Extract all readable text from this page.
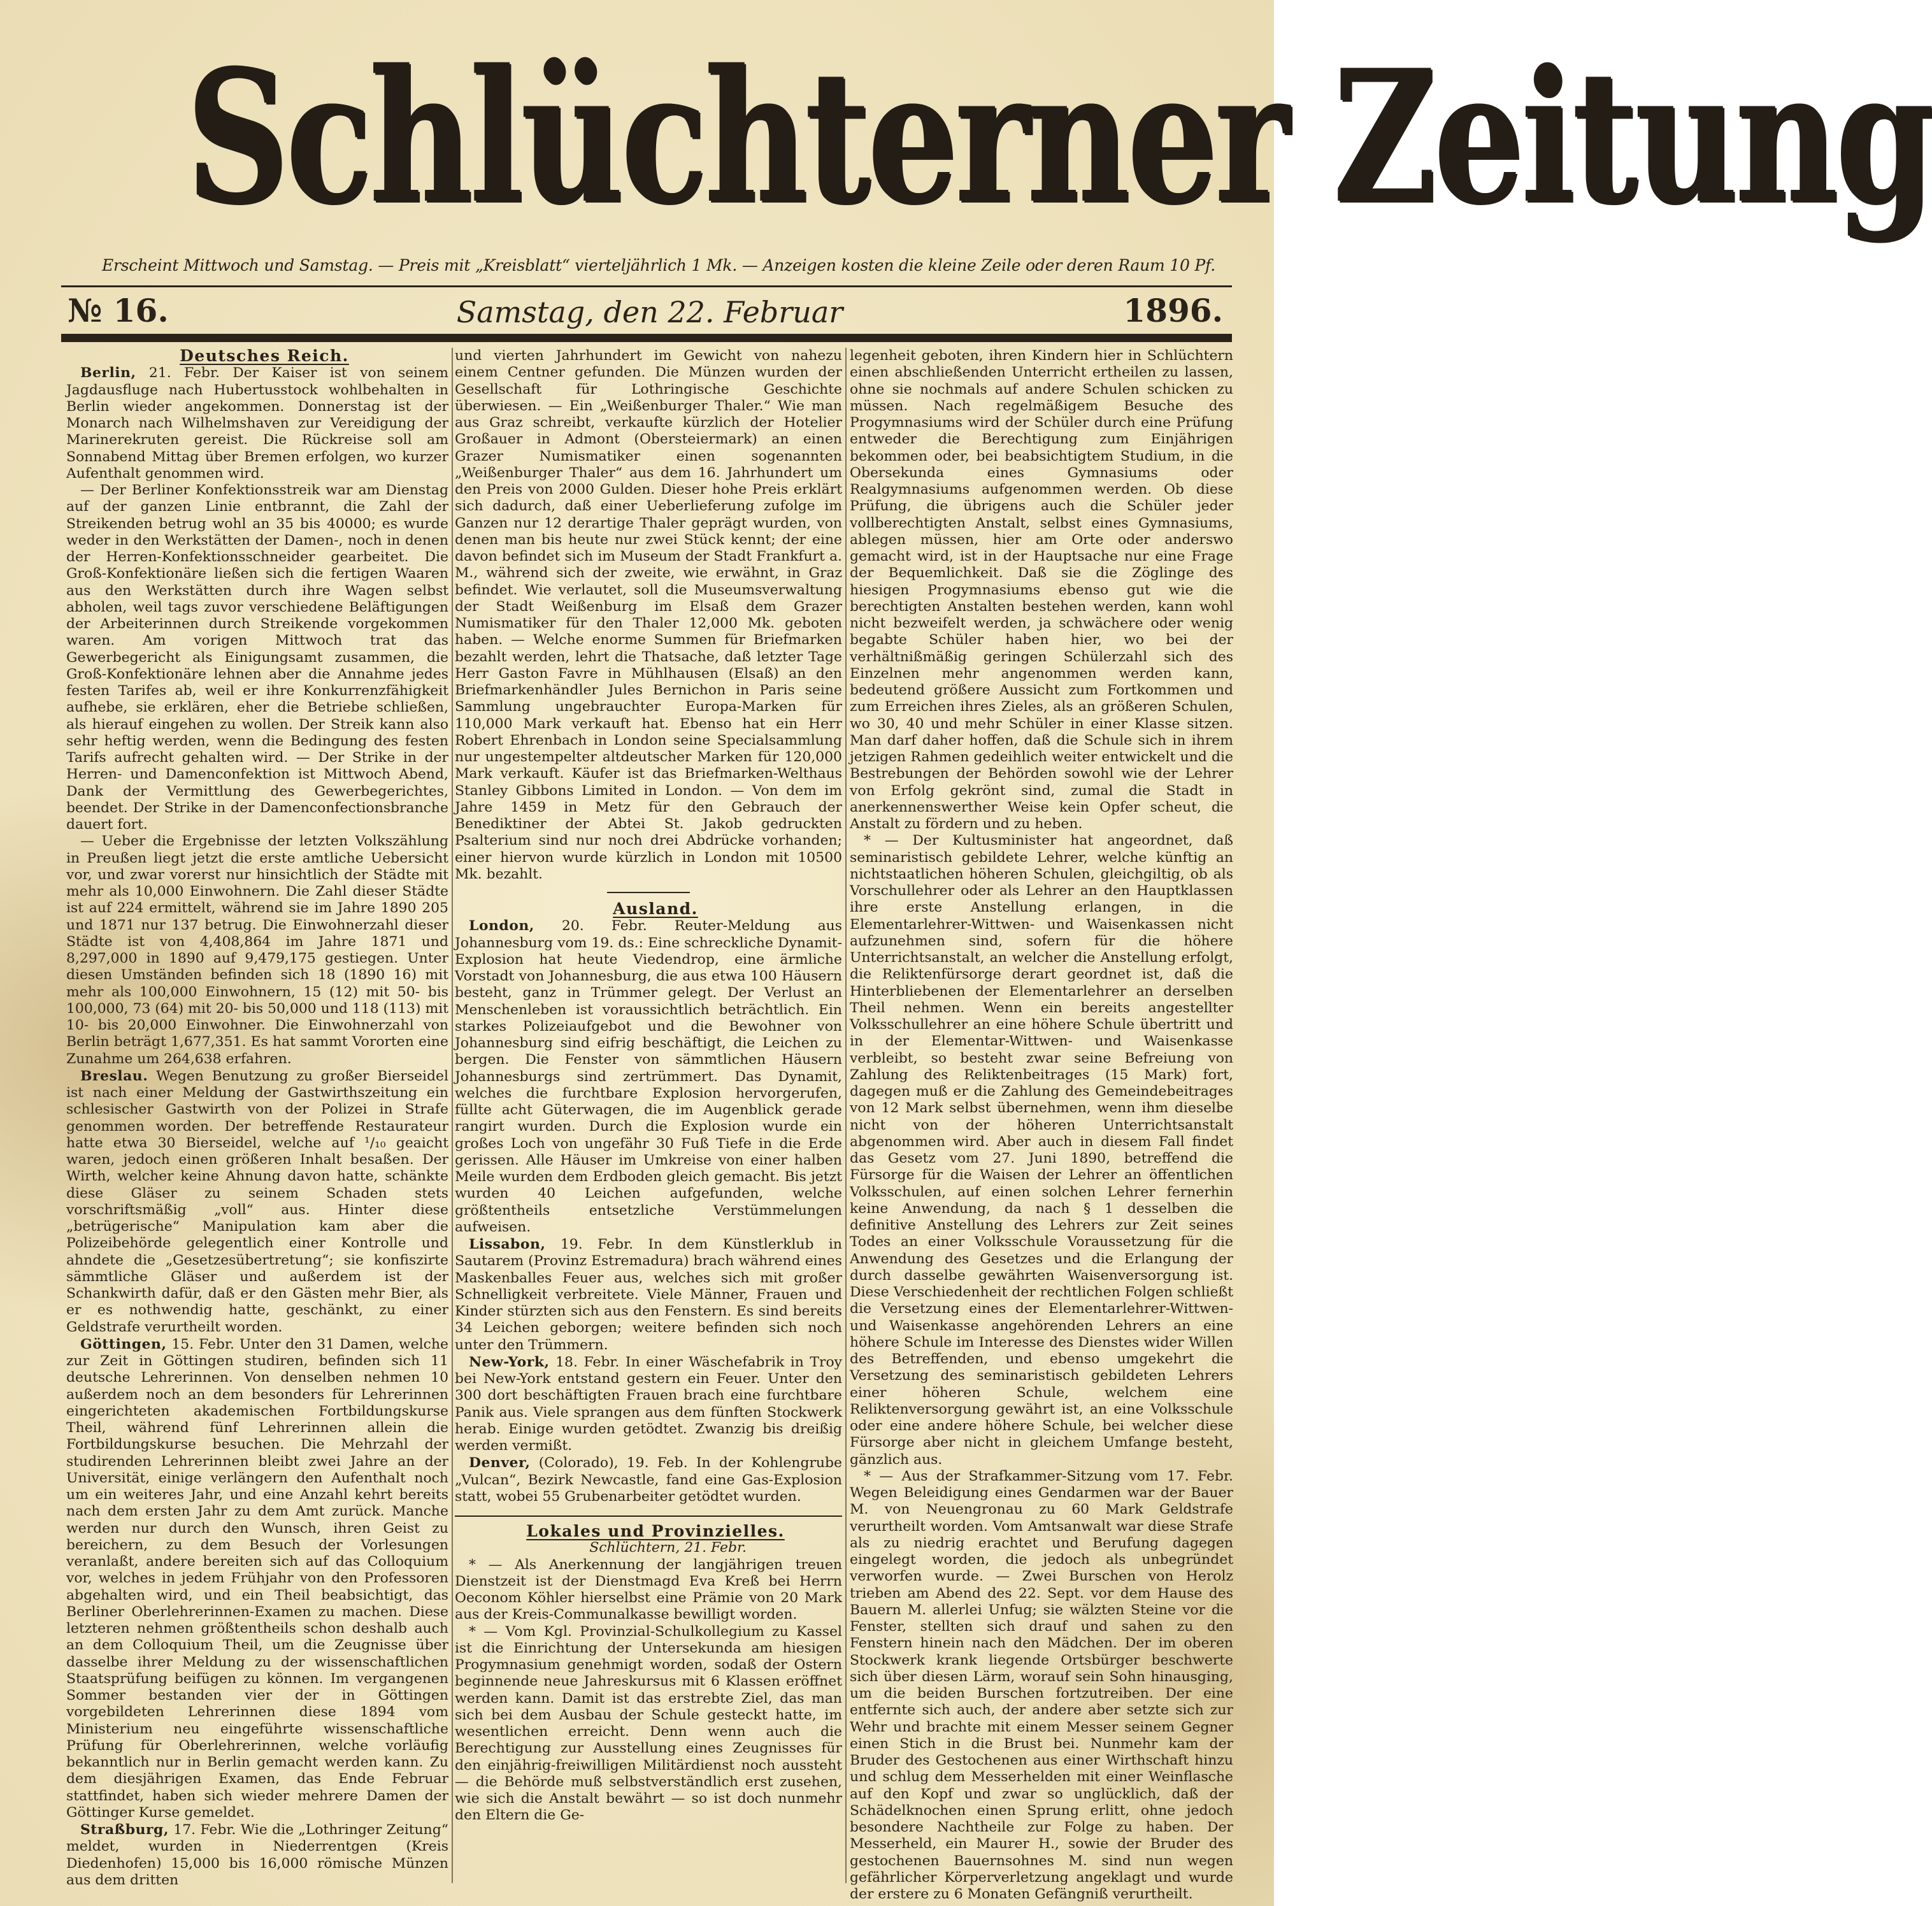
Schlüchterner Zeitung
Erscheint Mittwoch und Samstag. — Preis mit „Kreisblatt“ vierteljährlich 1 Mk. — Anzeigen kosten die kleine Zeile oder deren Raum 10 Pf.
№ 16.	Samstag, den 22. Februar	1896.

Deutsches Reich.

Berlin, 21. Febr. Der Kaiser ist von seinem Jagdausfluge nach Hubertusstock wohlbehalten in Berlin wieder angekommen. Donnerstag ist der Monarch nach Wilhelmshaven zur Vereidigung der Marinerekruten gereist. Die Rückreise soll am Sonnabend Mittag über Bremen erfolgen, wo kurzer Aufenthalt genommen wird.

— Der Berliner Konfektionsstreik war am Dienstag auf der ganzen Linie entbrannt, die Zahl der Streikenden betrug wohl an 35 bis 40000; es wurde weder in den Werkstätten der Damen-, noch in denen der Herren-Konfektionsschneider gearbeitet. Die Groß-Konfektionäre ließen sich die fertigen Waaren aus den Werkstätten durch ihre Wagen selbst abholen, weil tags zuvor verschiedene Beläftigungen der Arbeiterinnen durch Streikende vorgekommen waren. Am vorigen Mittwoch trat das Gewerbegericht als Einigungsamt zusammen, die Groß-Konfektionäre lehnen aber die Annahme jedes festen Tarifes ab, weil er ihre Konkurrenzfähigkeit aufhebe, sie erklären, eher die Betriebe schließen, als hierauf eingehen zu wollen. Der Streik kann also sehr heftig werden, wenn die Bedingung des festen Tarifs aufrecht gehalten wird. — Der Strike in der Herren- und Damenconfektion ist Mittwoch Abend, Dank der Vermittlung des Gewerbegerichtes, beendet. Der Strike in der Damenconfectionsbranche dauert fort.

— Ueber die Ergebnisse der letzten Volkszählung in Preußen liegt jetzt die erste amtliche Uebersicht vor, und zwar vorerst nur hinsichtlich der Städte mit mehr als 10,000 Einwohnern. Die Zahl dieser Städte ist auf 224 ermittelt, während sie im Jahre 1890 205 und 1871 nur 137 betrug. Die Einwohnerzahl dieser Städte ist von 4,408,864 im Jahre 1871 und 8,297,000 in 1890 auf 9,479,175 gestiegen. Unter diesen Umständen befinden sich 18 (1890 16) mit mehr als 100,000 Einwohnern, 15 (12) mit 50- bis 100,000, 73 (64) mit 20- bis 50,000 und 118 (113) mit 10- bis 20,000 Einwohner. Die Einwohnerzahl von Berlin beträgt 1,677,351. Es hat sammt Vororten eine Zunahme um 264,638 erfahren.

Breslau. Wegen Benutzung zu großer Bierseidel ist nach einer Meldung der Gastwirthszeitung ein schlesischer Gastwirth von der Polizei in Strafe genommen worden. Der betreffende Restaurateur hatte etwa 30 Bierseidel, welche auf ¹/₁₀ geaicht waren, jedoch einen größeren Inhalt besaßen. Der Wirth, welcher keine Ahnung davon hatte, schänkte diese Gläser zu seinem Schaden stets vorschriftsmäßig „voll“ aus. Hinter diese „betrügerische“ Manipulation kam aber die Polizeibehörde gelegentlich einer Kontrolle und ahndete die „Gesetzesübertretung“; sie konfiszirte sämmtliche Gläser und außerdem ist der Schankwirth dafür, daß er den Gästen mehr Bier, als er es nothwendig hatte, geschänkt, zu einer Geldstrafe verurtheilt worden.

Göttingen, 15. Febr. Unter den 31 Damen, welche zur Zeit in Göttingen studiren, befinden sich 11 deutsche Lehrerinnen. Von denselben nehmen 10 außerdem noch an dem besonders für Lehrerinnen eingerichteten akademischen Fortbildungskurse Theil, während fünf Lehrerinnen allein die Fortbildungskurse besuchen. Die Mehrzahl der studirenden Lehrerinnen bleibt zwei Jahre an der Universität, einige verlängern den Aufenthalt noch um ein weiteres Jahr, und eine Anzahl kehrt bereits nach dem ersten Jahr zu dem Amt zurück. Manche werden nur durch den Wunsch, ihren Geist zu bereichern, zu dem Besuch der Vorlesungen veranlaßt, andere bereiten sich auf das Colloquium vor, welches in jedem Frühjahr von den Professoren abgehalten wird, und ein Theil beabsichtigt, das Berliner Oberlehrerinnen-Examen zu machen. Diese letzteren nehmen größtentheils schon deshalb auch an dem Colloquium Theil, um die Zeugnisse über dasselbe ihrer Meldung zu der wissenschaftlichen Staatsprüfung beifügen zu können. Im vergangenen Sommer bestanden vier der in Göttingen vorgebildeten Lehrerinnen diese 1894 vom Ministerium neu eingeführte wissenschaftliche Prüfung für Oberlehrerinnen, welche vorläufig bekanntlich nur in Berlin gemacht werden kann. Zu dem diesjährigen Examen, das Ende Februar stattfindet, haben sich wieder mehrere Damen der Göttinger Kurse gemeldet.

Straßburg, 17. Febr. Wie die „Lothringer Zeitung“ meldet, wurden in Niederrentgen (Kreis Diedenhofen) 15,000 bis 16,000 römische Münzen aus dem dritten

und vierten Jahrhundert im Gewicht von nahezu einem Centner gefunden. Die Münzen wurden der Gesellschaft für Lothringische Geschichte überwiesen. — Ein „Weißenburger Thaler.“ Wie man aus Graz schreibt, verkaufte kürzlich der Hotelier Großauer in Admont (Obersteiermark) an einen Grazer Numismatiker einen sogenannten „Weißenburger Thaler“ aus dem 16. Jahrhundert um den Preis von 2000 Gulden. Dieser hohe Preis erklärt sich dadurch, daß einer Ueberlieferung zufolge im Ganzen nur 12 derartige Thaler geprägt wurden, von denen man bis heute nur zwei Stück kennt; der eine davon befindet sich im Museum der Stadt Frankfurt a. M., während sich der zweite, wie erwähnt, in Graz befindet. Wie verlautet, soll die Museumsverwaltung der Stadt Weißenburg im Elsaß dem Grazer Numismatiker für den Thaler 12,000 Mk. geboten haben. — Welche enorme Summen für Briefmarken bezahlt werden, lehrt die Thatsache, daß letzter Tage Herr Gaston Favre in Mühlhausen (Elsaß) an den Briefmarkenhändler Jules Bernichon in Paris seine Sammlung ungebrauchter Europa-Marken für 110,000 Mark verkauft hat. Ebenso hat ein Herr Robert Ehrenbach in London seine Specialsammlung nur ungestempelter altdeutscher Marken für 120,000 Mark verkauft. Käufer ist das Briefmarken-Welthaus Stanley Gibbons Limited in London. — Von dem im Jahre 1459 in Metz für den Gebrauch der Benediktiner der Abtei St. Jakob gedruckten Psalterium sind nur noch drei Abdrücke vorhanden; einer hiervon wurde kürzlich in London mit 10500 Mk. bezahlt.

Ausland.

London, 20. Febr. Reuter-Meldung aus Johannesburg vom 19. ds.: Eine schreckliche Dynamit-Explosion hat heute Viedendrop, eine ärmliche Vorstadt von Johannesburg, die aus etwa 100 Häusern besteht, ganz in Trümmer gelegt. Der Verlust an Menschenleben ist voraussichtlich beträchtlich. Ein starkes Polizeiaufgebot und die Bewohner von Johannesburg sind eifrig beschäftigt, die Leichen zu bergen. Die Fenster von sämmtlichen Häusern Johannesburgs sind zertrümmert. Das Dynamit, welches die furchtbare Explosion hervorgerufen, füllte acht Güterwagen, die im Augenblick gerade rangirt wurden. Durch die Explosion wurde ein großes Loch von ungefähr 30 Fuß Tiefe in die Erde gerissen. Alle Häuser im Umkreise von einer halben Meile wurden dem Erdboden gleich gemacht. Bis jetzt wurden 40 Leichen aufgefunden, welche größtentheils entsetzliche Verstümmelungen aufweisen.

Lissabon, 19. Febr. In dem Künstlerklub in Sautarem (Provinz Estremadura) brach während eines Maskenballes Feuer aus, welches sich mit großer Schnelligkeit verbreitete. Viele Männer, Frauen und Kinder stürzten sich aus den Fenstern. Es sind bereits 34 Leichen geborgen; weitere befinden sich noch unter den Trümmern.

New-York, 18. Febr. In einer Wäschefabrik in Troy bei New-York entstand gestern ein Feuer. Unter den 300 dort beschäftigten Frauen brach eine furchtbare Panik aus. Viele sprangen aus dem fünften Stockwerk herab. Einige wurden getödtet. Zwanzig bis dreißig werden vermißt.

Denver, (Colorado), 19. Feb. In der Kohlengrube „Vulcan“, Bezirk Newcastle, fand eine Gas-Explosion statt, wobei 55 Grubenarbeiter getödtet wurden.

Lokales und Provinzielles.

Schlüchtern, 21. Febr.

* — Als Anerkennung der langjährigen treuen Dienstzeit ist der Dienstmagd Eva Kreß bei Herrn Oeconom Köhler hierselbst eine Prämie von 20 Mark aus der Kreis-Communalkasse bewilligt worden.

* — Vom Kgl. Provinzial-Schulkollegium zu Kassel ist die Einrichtung der Untersekunda am hiesigen Progymnasium genehmigt worden, sodaß der Ostern beginnende neue Jahreskursus mit 6 Klassen eröffnet werden kann. Damit ist das erstrebte Ziel, das man sich bei dem Ausbau der Schule gesteckt hatte, im wesentlichen erreicht. Denn wenn auch die Berechtigung zur Ausstellung eines Zeugnisses für den einjährig-freiwilligen Militärdienst noch aussteht — die Behörde muß selbstverständlich erst zusehen, wie sich die Anstalt bewährt — so ist doch nunmehr den Eltern die Ge-

legenheit geboten, ihren Kindern hier in Schlüchtern einen abschließenden Unterricht ertheilen zu lassen, ohne sie nochmals auf andere Schulen schicken zu müssen. Nach regelmäßigem Besuche des Progymnasiums wird der Schüler durch eine Prüfung entweder die Berechtigung zum Einjährigen bekommen oder, bei beabsichtigtem Studium, in die Obersekunda eines Gymnasiums oder Realgymnasiums aufgenommen werden. Ob diese Prüfung, die übrigens auch die Schüler jeder vollberechtigten Anstalt, selbst eines Gymnasiums, ablegen müssen, hier am Orte oder anderswo gemacht wird, ist in der Hauptsache nur eine Frage der Bequemlichkeit. Daß sie die Zöglinge des hiesigen Progymnasiums ebenso gut wie die berechtigten Anstalten bestehen werden, kann wohl nicht bezweifelt werden, ja schwächere oder wenig begabte Schüler haben hier, wo bei der verhältnißmäßig geringen Schülerzahl sich des Einzelnen mehr angenommen werden kann, bedeutend größere Aussicht zum Fortkommen und zum Erreichen ihres Zieles, als an größeren Schulen, wo 30, 40 und mehr Schüler in einer Klasse sitzen. Man darf daher hoffen, daß die Schule sich in ihrem jetzigen Rahmen gedeihlich weiter entwickelt und die Bestrebungen der Behörden sowohl wie der Lehrer von Erfolg gekrönt sind, zumal die Stadt in anerkennenswerther Weise kein Opfer scheut, die Anstalt zu fördern und zu heben.

* — Der Kultusminister hat angeordnet, daß seminaristisch gebildete Lehrer, welche künftig an nichtstaatlichen höheren Schulen, gleichgiltig, ob als Vorschullehrer oder als Lehrer an den Hauptklassen ihre erste Anstellung erlangen, in die Elementarlehrer-Wittwen- und Waisenkassen nicht aufzunehmen sind, sofern für die höhere Unterrichtsanstalt, an welcher die Anstellung erfolgt, die Reliktenfürsorge derart geordnet ist, daß die Hinterbliebenen der Elementarlehrer an derselben Theil nehmen. Wenn ein bereits angestellter Volksschullehrer an eine höhere Schule übertritt und in der Elementar-Wittwen- und Waisenkasse verbleibt, so besteht zwar seine Befreiung von Zahlung des Reliktenbeitrages (15 Mark) fort, dagegen muß er die Zahlung des Gemeindebeitrages von 12 Mark selbst übernehmen, wenn ihm dieselbe nicht von der höheren Unterrichtsanstalt abgenommen wird. Aber auch in diesem Fall findet das Gesetz vom 27. Juni 1890, betreffend die Fürsorge für die Waisen der Lehrer an öffentlichen Volksschulen, auf einen solchen Lehrer fernerhin keine Anwendung, da nach § 1 desselben die definitive Anstellung des Lehrers zur Zeit seines Todes an einer Volksschule Voraussetzung für die Anwendung des Gesetzes und die Erlangung der durch dasselbe gewährten Waisenversorgung ist. Diese Verschiedenheit der rechtlichen Folgen schließt die Versetzung eines der Elementarlehrer-Wittwen- und Waisenkasse angehörenden Lehrers an eine höhere Schule im Interesse des Dienstes wider Willen des Betreffenden, und ebenso umgekehrt die Versetzung des seminaristisch gebildeten Lehrers einer höheren Schule, welchem eine Reliktenversorgung gewährt ist, an eine Volksschule oder eine andere höhere Schule, bei welcher diese Fürsorge aber nicht in gleichem Umfange besteht, gänzlich aus.

* — Aus der Strafkammer-Sitzung vom 17. Febr. Wegen Beleidigung eines Gendarmen war der Bauer M. von Neuengronau zu 60 Mark Geldstrafe verurtheilt worden. Vom Amtsanwalt war diese Strafe als zu niedrig erachtet und Berufung dagegen eingelegt worden, die jedoch als unbegründet verworfen wurde. — Zwei Burschen von Herolz trieben am Abend des 22. Sept. vor dem Hause des Bauern M. allerlei Unfug; sie wälzten Steine vor die Fenster, stellten sich drauf und sahen zu den Fenstern hinein nach den Mädchen. Der im oberen Stockwerk krank liegende Ortsbürger beschwerte sich über diesen Lärm, worauf sein Sohn hinausging, um die beiden Burschen fortzutreiben. Der eine entfernte sich auch, der andere aber setzte sich zur Wehr und brachte mit einem Messer seinem Gegner einen Stich in die Brust bei. Nunmehr kam der Bruder des Gestochenen aus einer Wirthschaft hinzu und schlug dem Messerhelden mit einer Weinflasche auf den Kopf und zwar so unglücklich, daß der Schädelknochen einen Sprung erlitt, ohne jedoch besondere Nachtheile zur Folge zu haben. Der Messerheld, ein Maurer H., sowie der Bruder des gestochenen Bauernsohnes M. sind nun wegen gefährlicher Körperverletzung angeklagt und wurde der erstere zu 6 Monaten Gefängniß verurtheilt.
